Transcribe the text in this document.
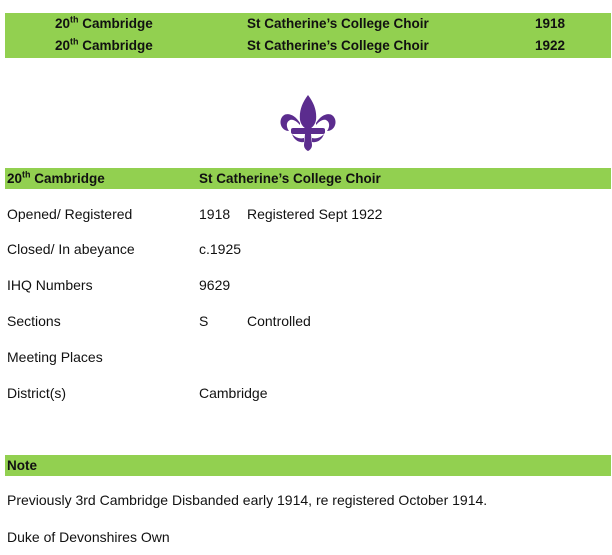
20th Cambridge	St Catherine’s College Choir	1918
20th Cambridge	St Catherine’s College Choir	1922
20th Cambridge	St Catherine’s College Choir
Opened/ Registered	1918 Registered Sept 1922
Closed/ In abeyance	c.1925
IHQ Numbers	9629
Sections	S	Controlled
Meeting Places
District(s)	Cambridge
Note
Previously 3rd Cambridge Disbanded early 1914, re registered October 1914.
Duke of Devonshires Own
